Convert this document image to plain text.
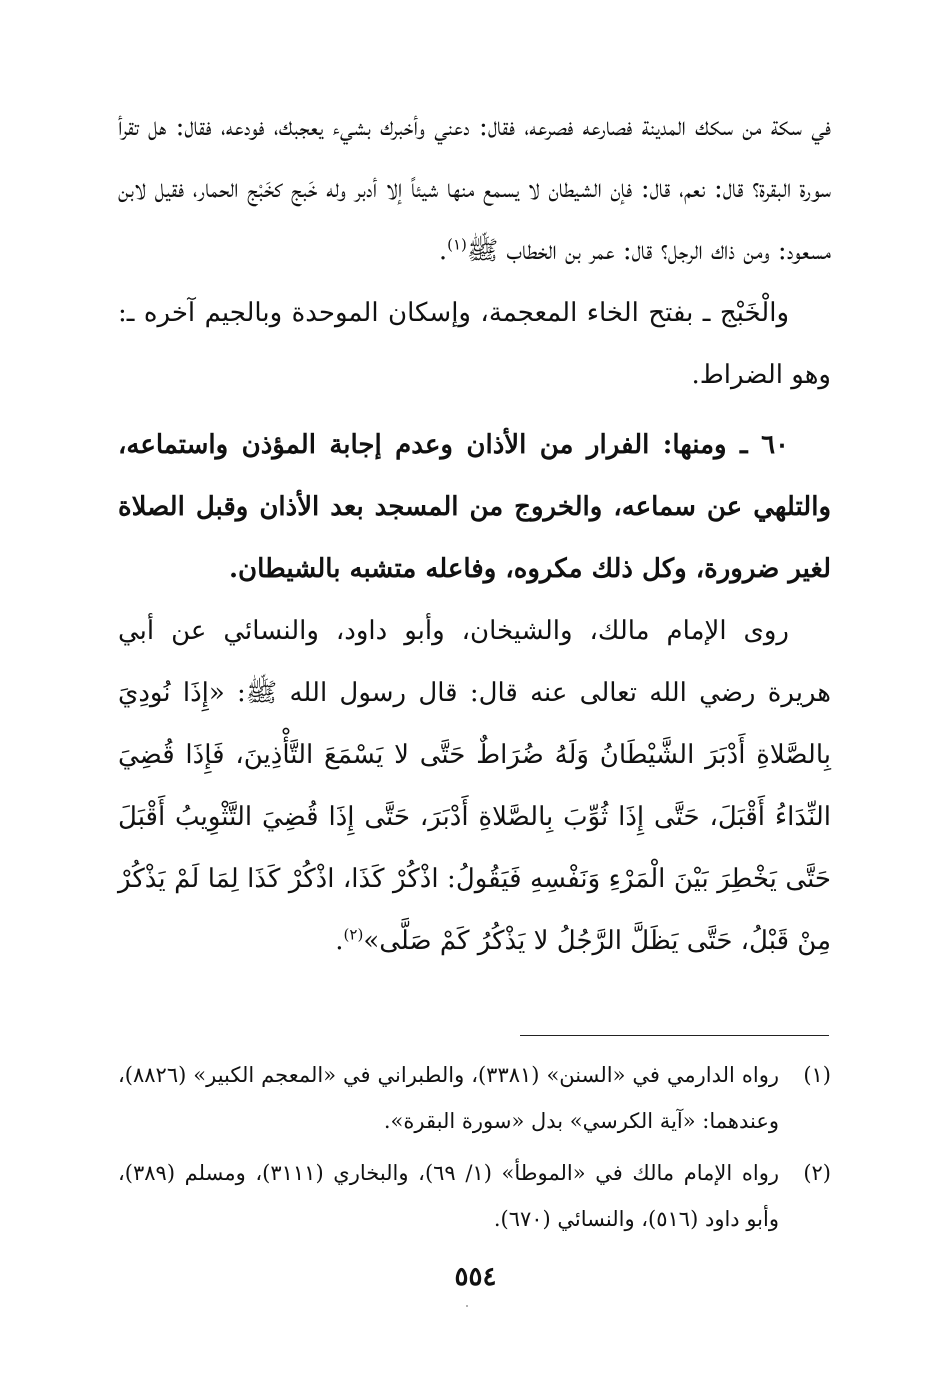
في سكة من سكك المدينة فصارعه فصرعه، فقال: دعني وأخبرك بشيء يعجبك، فودعه، فقال: هل تقرأ سورة البقرة؟ قال: نعم، قال: فإن الشيطان لا يسمع منها شيئاً إلا أدبر وله خَبج كخَبْج الحمار، فقيل لابن مسعود: ومن ذاك الرجل؟ قال: عمر بن الخطاب ﷺ$^{(١)}$.

والْخَبْج ـ بفتح الخاء المعجمة، وإسكان الموحدة وبالجيم آخره ـ: وهو الضراط.

٦٠ ـ ومنها: الفرار من الأذان وعدم إجابة المؤذن واستماعه، والتلهي عن سماعه، والخروج من المسجد بعد الأذان وقبل الصلاة لغير ضرورة، وكل ذلك مكروه، وفاعله متشبه بالشيطان.

روى الإمام مالك، والشيخان، وأبو داود، والنسائي عن أبي هريرة رضي الله تعالى عنه قال: قال رسول الله ﷺ: «إِذَا نُودِيَ بِالصَّلاةِ أَدْبَرَ الشَّيْطَانُ وَلَهُ ضُرَاطٌ حَتَّى لا يَسْمَعَ التَّأْذِينَ، فَإِذَا قُضِيَ النِّدَاءُ أَقْبَلَ، حَتَّى إِذَا ثُوِّبَ بِالصَّلاةِ أَدْبَرَ، حَتَّى إِذَا قُضِيَ التَّثْوِيبُ أَقْبَلَ حَتَّى يَخْطِرَ بَيْنَ الْمَرْءِ وَنَفْسِهِ فَيَقُولُ: اذْكُرْ كَذَا، اذْكُرْ كَذَا لِمَا لَمْ يَذْكُرْ مِنْ قَبْلُ، حَتَّى يَظَلَّ الرَّجُلُ لا يَذْكُرُ كَمْ صَلَّى»$^{(٢)}$.

(١)
رواه الدارمي في «السنن» (٣٣٨١)، والطبراني في «المعجم الكبير» (٨٨٢٦)، وعندهما: «آية الكرسي» بدل «سورة البقرة».

(٢)
رواه الإمام مالك في «الموطأ» (١/ ٦٩)، والبخاري (٣١١١)، ومسلم (٣٨٩)، وأبو داود (٥١٦)، والنسائي (٦٧٠).

٥٥٤
